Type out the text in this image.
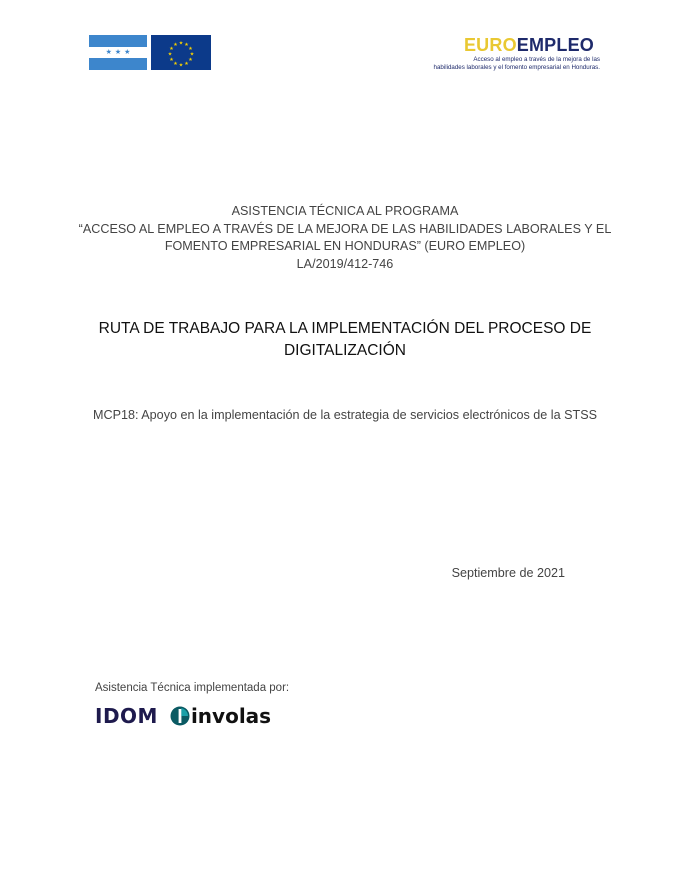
★ ★ ★
★ ★
★
★
★
★
★
★
★
★
★
★	EUROEMPLEO
Acceso al empleo a través de la mejora de las
habilidades laborales y el fomento empresarial en Honduras.
ASISTENCIA TÉCNICA AL PROGRAMA
“ACCESO AL EMPLEO A TRAVÉS DE LA MEJORA DE LAS HABILIDADES LABORALES Y EL
FOMENTO EMPRESARIAL EN HONDURAS” (EURO EMPLEO)
LA/2019/412-746
RUTA DE TRABAJO PARA LA IMPLEMENTACIÓN DEL PROCESO DE
DIGITALIZACIÓN
MCP18: Apoyo en la implementación de la estrategia de servicios electrónicos de la STSS
Septiembre de 2021
Asistencia Técnica implementada por:
IDOM involas
